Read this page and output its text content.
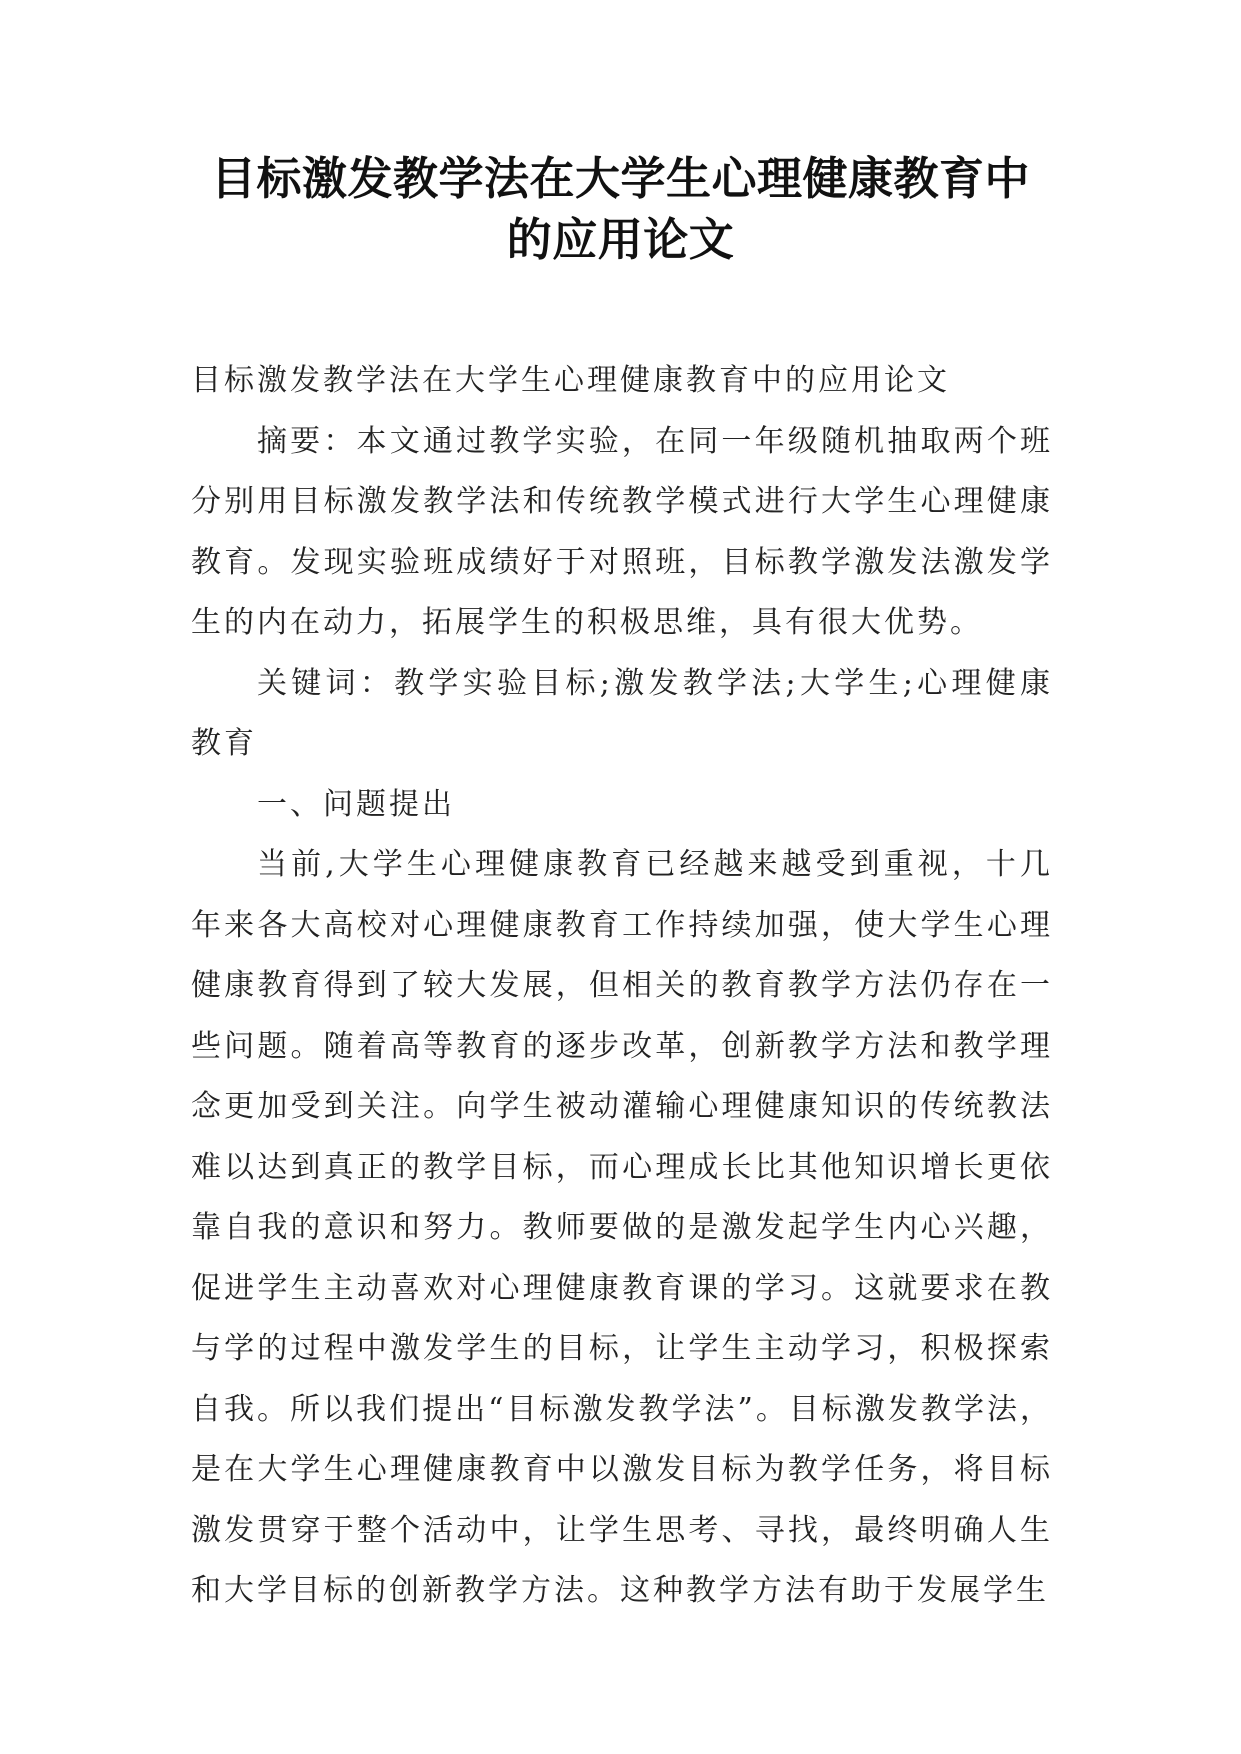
目标激发教学法在大学生心理健康教育中
的应用论文

目标激发教学法在大学生心理健康教育中的应用论文

摘要：本文通过教学实验，在同一年级随机抽取两个班分别用目标激发教学法和传统教学模式进行大学生心理健康教育。发现实验班成绩好于对照班，目标教学激发法激发学生的内在动力，拓展学生的积极思维，具有很大优势。

关键词：教学实验目标;激发教学法;大学生;心理健康教育

一、问题提出

当前,大学生心理健康教育已经越来越受到重视，十几年来各大高校对心理健康教育工作持续加强，使大学生心理健康教育得到了较大发展，但相关的教育教学方法仍存在一些问题。随着高等教育的逐步改革，创新教学方法和教学理念更加受到关注。向学生被动灌输心理健康知识的传统教法难以达到真正的教学目标，而心理成长比其他知识增长更依靠自我的意识和努力。教师要做的是激发起学生内心兴趣，促进学生主动喜欢对心理健康教育课的学习。这就要求在教与学的过程中激发学生的目标，让学生主动学习，积极探索自我。所以我们提出“目标激发教学法”。目标激发教学法，是在大学生心理健康教育中以激发目标为教学任务，将目标激发贯穿于整个活动中，让学生思考、寻找，最终明确人生和大学目标的创新教学方法。这种教学方法有助于发展学生
